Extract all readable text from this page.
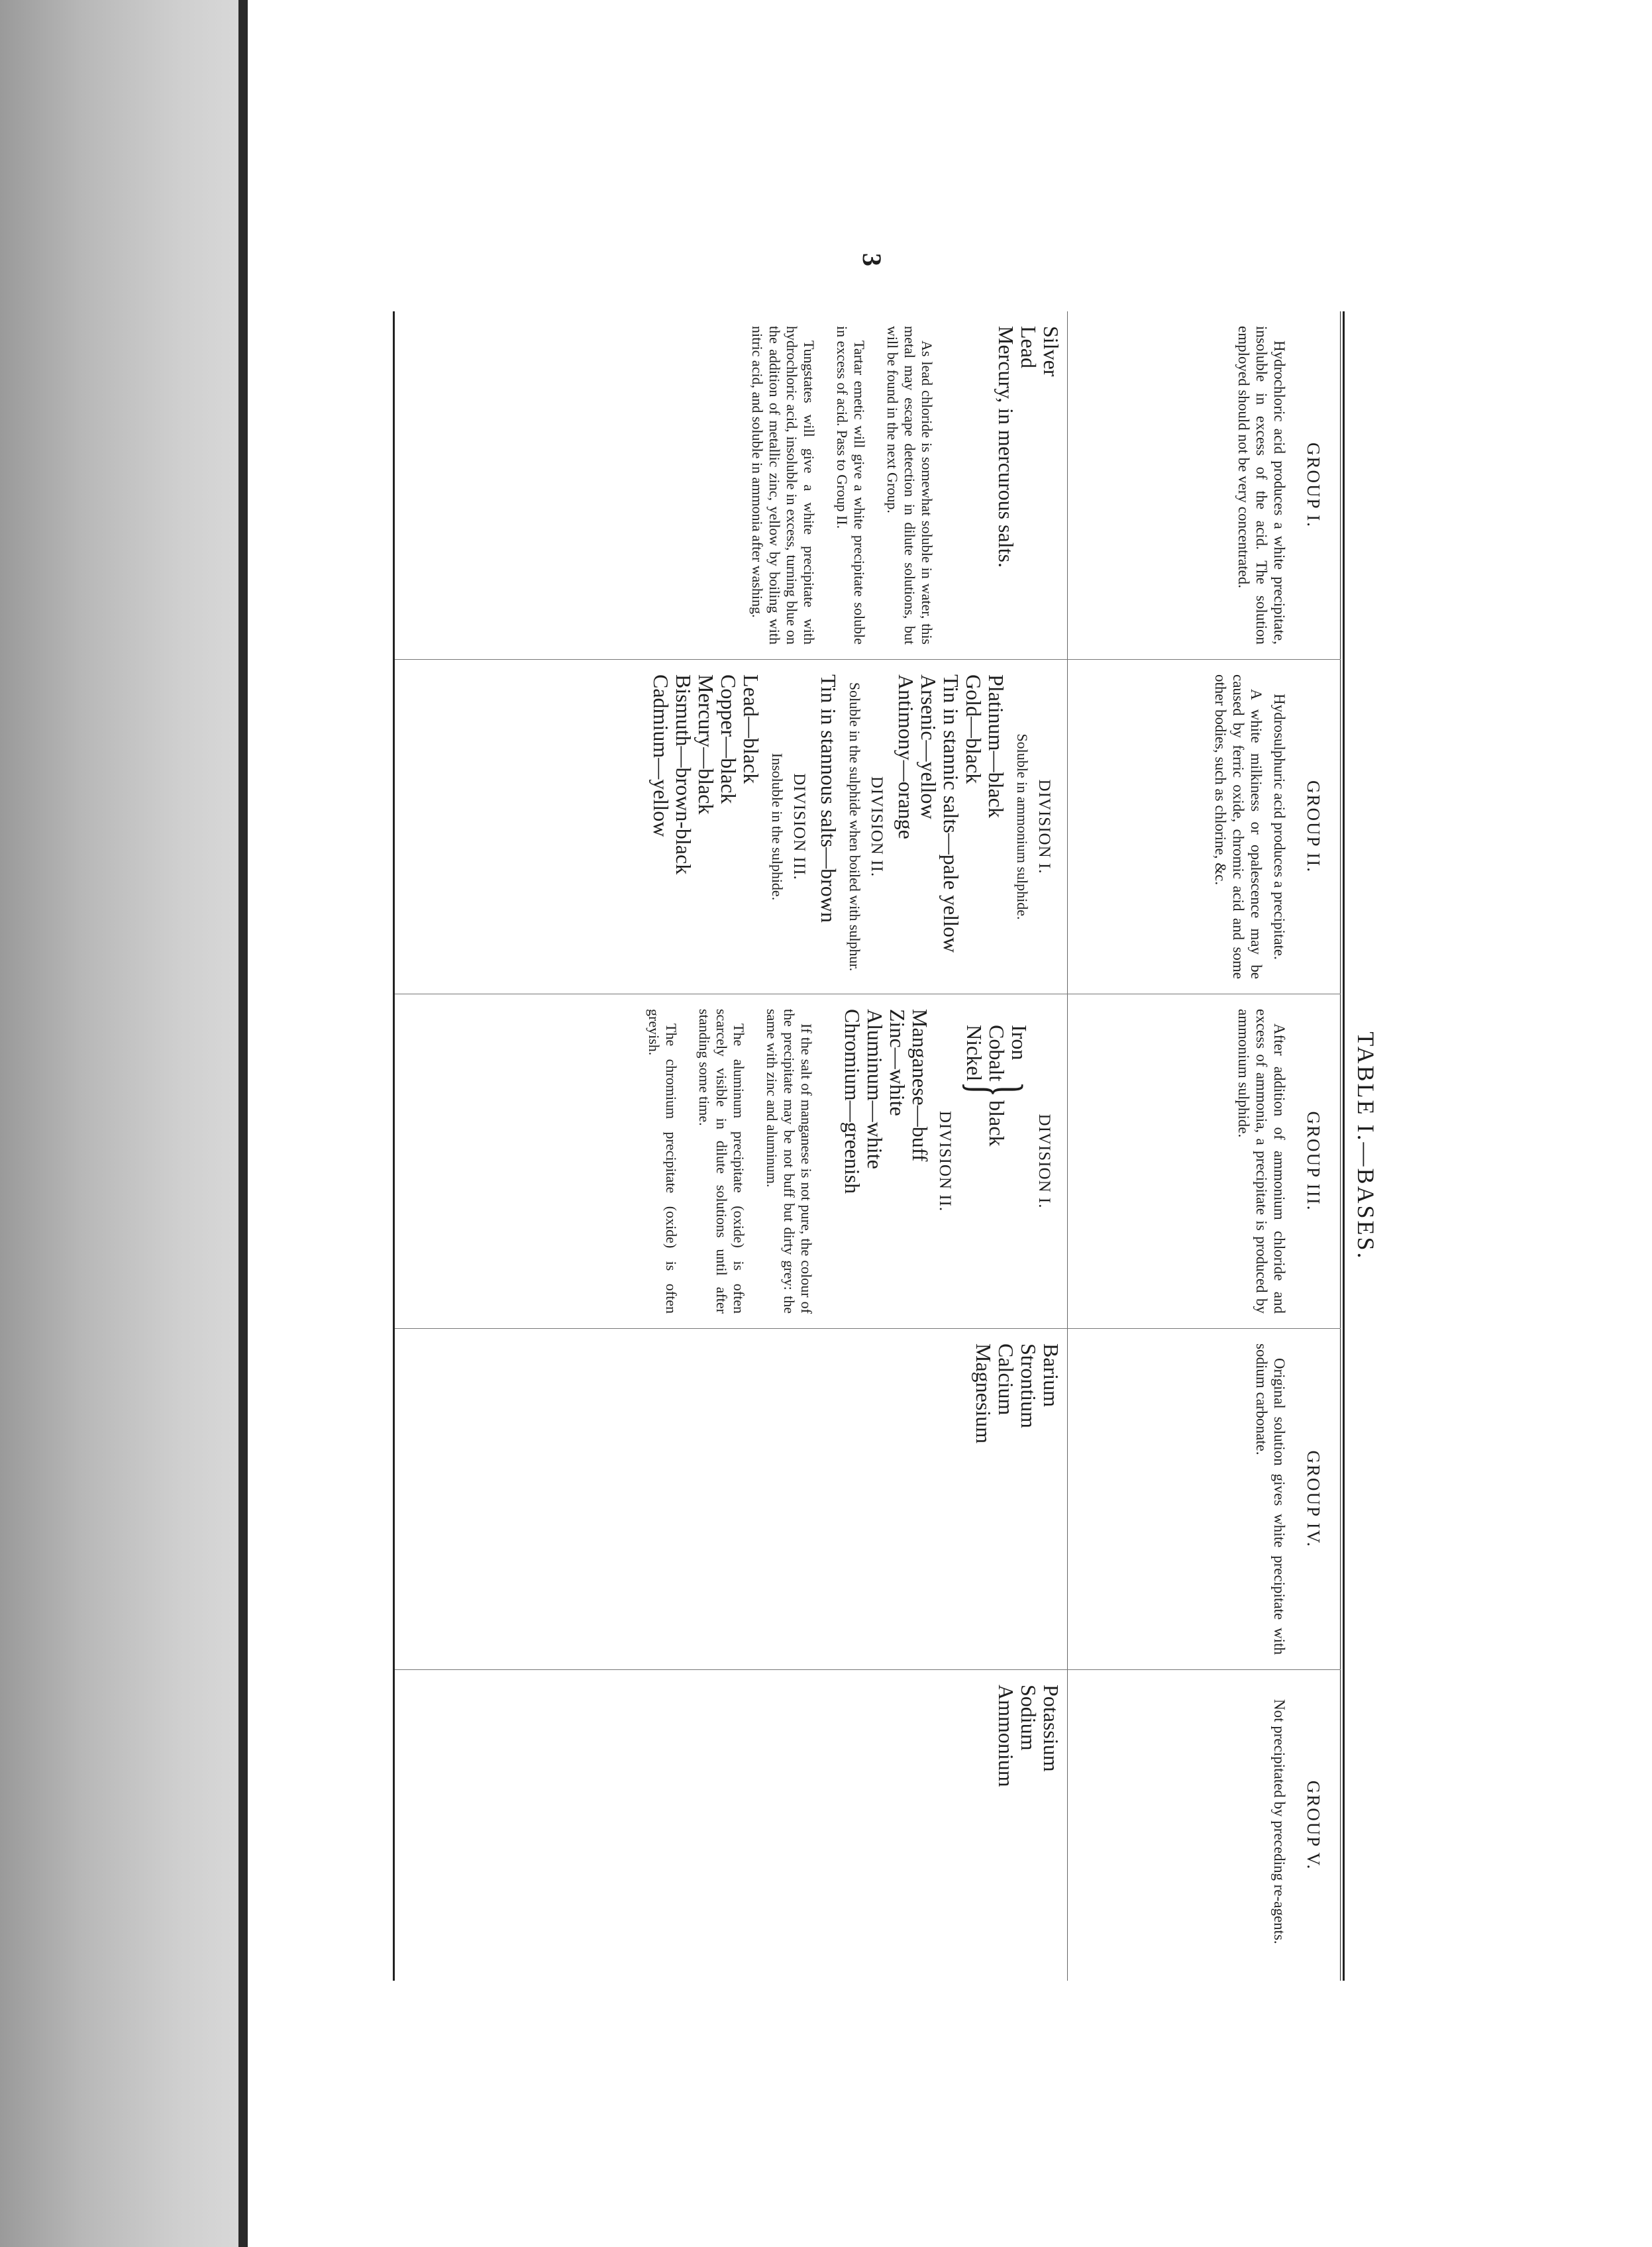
3
TABLE I.—BASES.
GROUP I.

Hydrochloric acid produces a white precipitate, insoluble in excess of the acid. The solution employed should not be very concentrated.

Silver

Lead

Mercury, in mercurous salts.

As lead chloride is somewhat soluble in water, this metal may escape detection in dilute solutions, but will be found in the next Group.

Tartar emetic will give a white precipitate soluble in excess of acid. Pass to Group II.

Tungstates will give a white precipitate with hydrochloric acid, insoluble in excess, turning blue on the addition of metallic zinc, yellow by boiling with nitric acid, and soluble in ammonia after washing.

GROUP II.

Hydrosulphuric acid produces a precipitate.

A white milkiness or opalescence may be caused by ferric oxide, chromic acid and some other bodies, such as chlorine, &c.

DIVISION I.
Soluble in ammonium sulphide.

Platinum—black

Gold—black

Tin in stannic salts—pale yellow

Arsenic—yellow

Antimony—orange

DIVISION II.
Soluble in the sulphide when boiled with sulphur.

Tin in stannous salts—brown

DIVISION III.
Insoluble in the sulphide.

Lead—black

Copper—black

Mercury—black

Bismuth—brown-black

Cadmium—yellow

GROUP III.

After addition of ammonium chloride and excess of ammonia, a precipitate is produced by ammonium sulphide.

DIVISION I.

Iron

Cobalt

Nickel

}
black
DIVISION II.

Manganese—buff

Zinc—white

Aluminum—white

Chromium—greenish

If the salt of manganese is not pure, the colour of the precipitate may be not buff but dirty grey: the same with zinc and aluminum.

The aluminum precipitate (oxide) is often scarcely visible in dilute solutions until after standing some time.

The chromium precipitate (oxide) is often greyish.

GROUP IV.

Original solution gives white precipitate with sodium carbonate.

Barium

Strontium

Calcium

Magnesium

GROUP V.

Not precipitated by preceding re-agents.

Potassium

Sodium

Ammonium
